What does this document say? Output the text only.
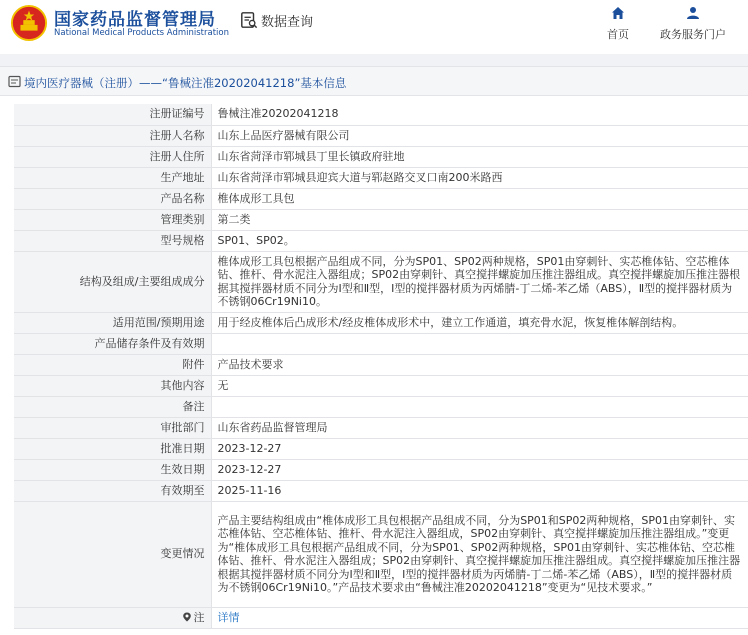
国家药品监督管理局
National Medical Products Administration
数据查询
首页	政务服务门户
境内医疗器械（注册）——“鲁械注准20202041218”基本信息
注册证编号	鲁械注准20202041218
注册人名称	山东上品医疗器械有限公司
注册人住所	山东省菏泽市郓城县丁里长镇政府驻地
生产地址	山东省菏泽市郓城县迎宾大道与郓赵路交叉口南200米路西
产品名称	椎体成形工具包
管理类别	第二类
型号规格	SP01、SP02。
结构及组成/主要组成成分	椎体成形工具包根据产品组成不同，分为SP01、SP02两种规格，SP01由穿刺针、实芯椎体钻、空芯椎体钻、推杆、骨水泥注入器组成；SP02由穿刺针、真空搅拌螺旋加压推注器组成。真空搅拌螺旋加压推注器根据其搅拌器材质不同分为Ⅰ型和Ⅱ型，Ⅰ型的搅拌器材质为丙烯腈-丁二烯-苯乙烯（ABS），Ⅱ型的搅拌器材质为不锈钢06Cr19Ni10。
适用范围/预期用途	用于经皮椎体后凸成形术/经皮椎体成形术中，建立工作通道，填充骨水泥，恢复椎体解剖结构。
产品储存条件及有效期	
附件	产品技术要求
其他内容	无
备注	
审批部门	山东省药品监督管理局
批准日期	2023-12-27
生效日期	2023-12-27
有效期至	2025-11-16
变更情况	产品主要结构组成由“椎体成形工具包根据产品组成不同，分为SP01和SP02两种规格，SP01由穿刺针、实芯椎体钻、空芯椎体钻、推杆、骨水泥注入器组成，SP02由穿刺针、真空搅拌螺旋加压推注器组成。”变更为“椎体成形工具包根据产品组成不同，分为SP01、SP02两种规格，SP01由穿刺针、实芯椎体钻、空芯椎体钻、推杆、骨水泥注入器组成；SP02由穿刺针、真空搅拌螺旋加压推注器组成。真空搅拌螺旋加压推注器根据其搅拌器材质不同分为Ⅰ型和Ⅱ型，Ⅰ型的搅拌器材质为丙烯腈-丁二烯-苯乙烯（ABS），Ⅱ型的搅拌器材质为不锈钢06Cr19Ni10。”产品技术要求由“鲁械注准20202041218”变更为“见技术要求。”
注	详情
